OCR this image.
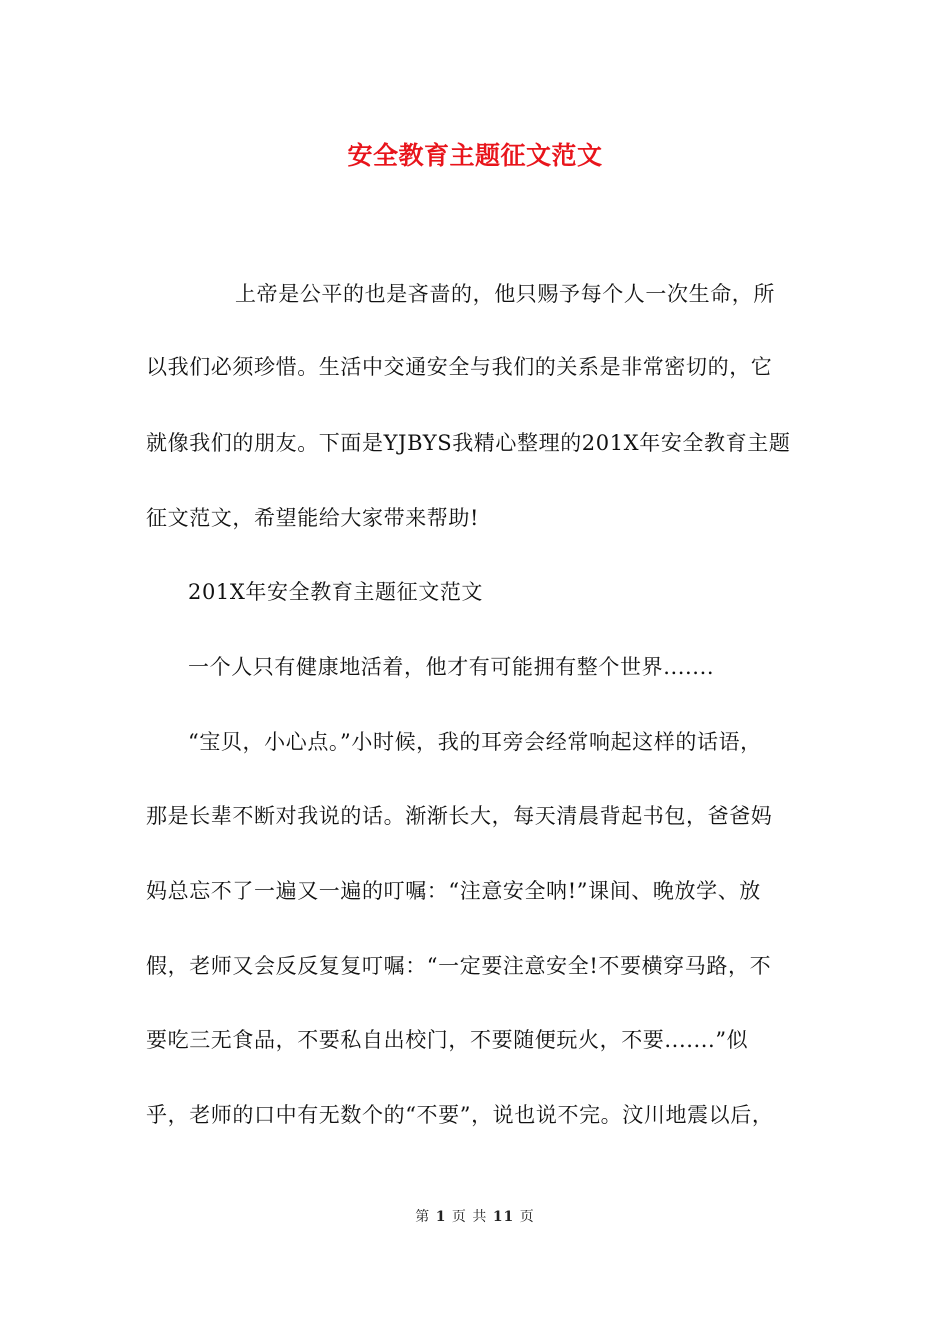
安全教育主题征文范文
上帝是公平的也是吝啬的，他只赐予每个人一次生命，所
以我们必须珍惜。生活中交通安全与我们的关系是非常密切的，它
就像我们的朋友。下面是YJBYS我精心整理的201X年安全教育主题
征文范文，希望能给大家带来帮助!
201X年安全教育主题征文范文
一个人只有健康地活着，他才有可能拥有整个世界.......
“宝贝，小心点。”小时候，我的耳旁会经常响起这样的话语，
那是长辈不断对我说的话。渐渐长大，每天清晨背起书包，爸爸妈
妈总忘不了一遍又一遍的叮嘱：“注意安全呐!”课间、晚放学、放
假，老师又会反反复复叮嘱：“一定要注意安全!不要横穿马路，不
要吃三无食品，不要私自出校门，不要随便玩火，不要.......”似
乎，老师的口中有无数个的“不要”，说也说不完。汶川地震以后，
第 1 页 共 11 页
